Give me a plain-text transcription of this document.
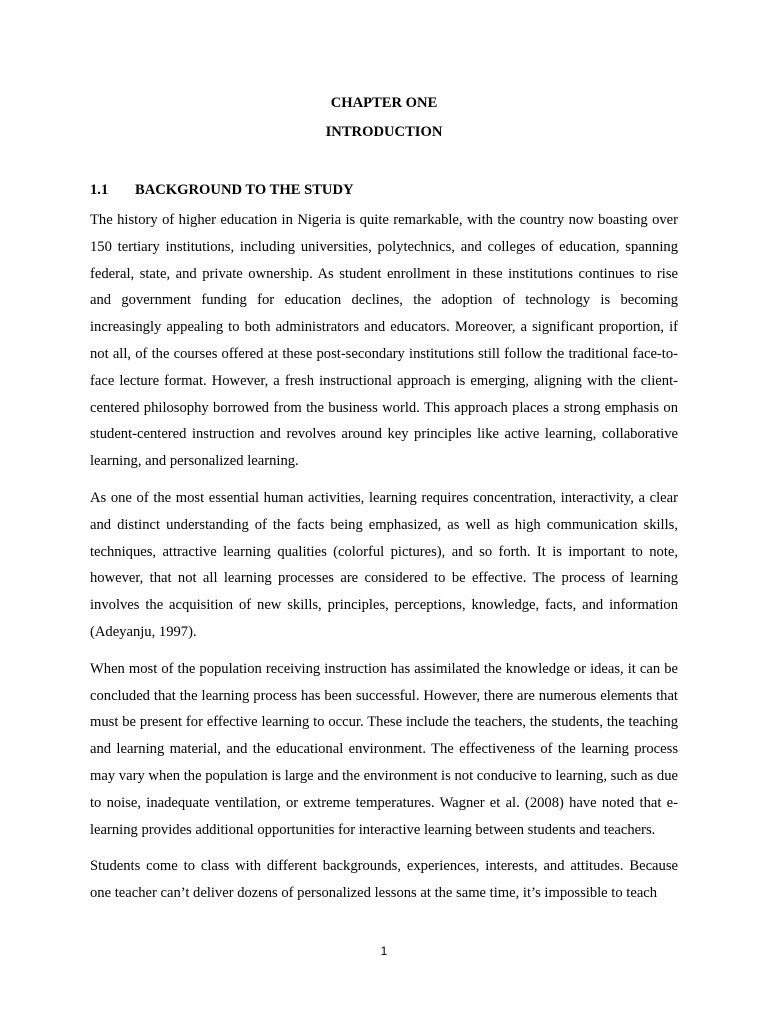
CHAPTER ONE
INTRODUCTION
1.1 BACKGROUND TO THE STUDY

The history of higher education in Nigeria is quite remarkable, with the country now boasting over 150 tertiary institutions, including universities, polytechnics, and colleges of education, spanning federal, state, and private ownership. As student enrollment in these institutions continues to rise and government funding for education declines, the adoption of technology is becoming increasingly appealing to both administrators and educators. Moreover, a significant proportion, if not all, of the courses offered at these post-secondary institutions still follow the traditional face-to-face lecture format. However, a fresh instructional approach is emerging, aligning with the client-centered philosophy borrowed from the business world. This approach places a strong emphasis on student-centered instruction and revolves around key principles like active learning, collaborative learning, and personalized learning.

As one of the most essential human activities, learning requires concentration, interactivity, a clear and distinct understanding of the facts being emphasized, as well as high communication skills, techniques, attractive learning qualities (colorful pictures), and so forth. It is important to note, however, that not all learning processes are considered to be effective. The process of learning involves the acquisition of new skills, principles, perceptions, knowledge, facts, and information (Adeyanju, 1997).

When most of the population receiving instruction has assimilated the knowledge or ideas, it can be concluded that the learning process has been successful. However, there are numerous elements that must be present for effective learning to occur. These include the teachers, the students, the teaching and learning material, and the educational environment. The effectiveness of the learning process may vary when the population is large and the environment is not conducive to learning, such as due to noise, inadequate ventilation, or extreme temperatures. Wagner et al. (2008) have noted that e-learning provides additional opportunities for interactive learning between students and teachers.

Students come to class with different backgrounds, experiences, interests, and attitudes. Because one teacher can’t deliver dozens of personalized lessons at the same time, it’s impossible to teach

1
